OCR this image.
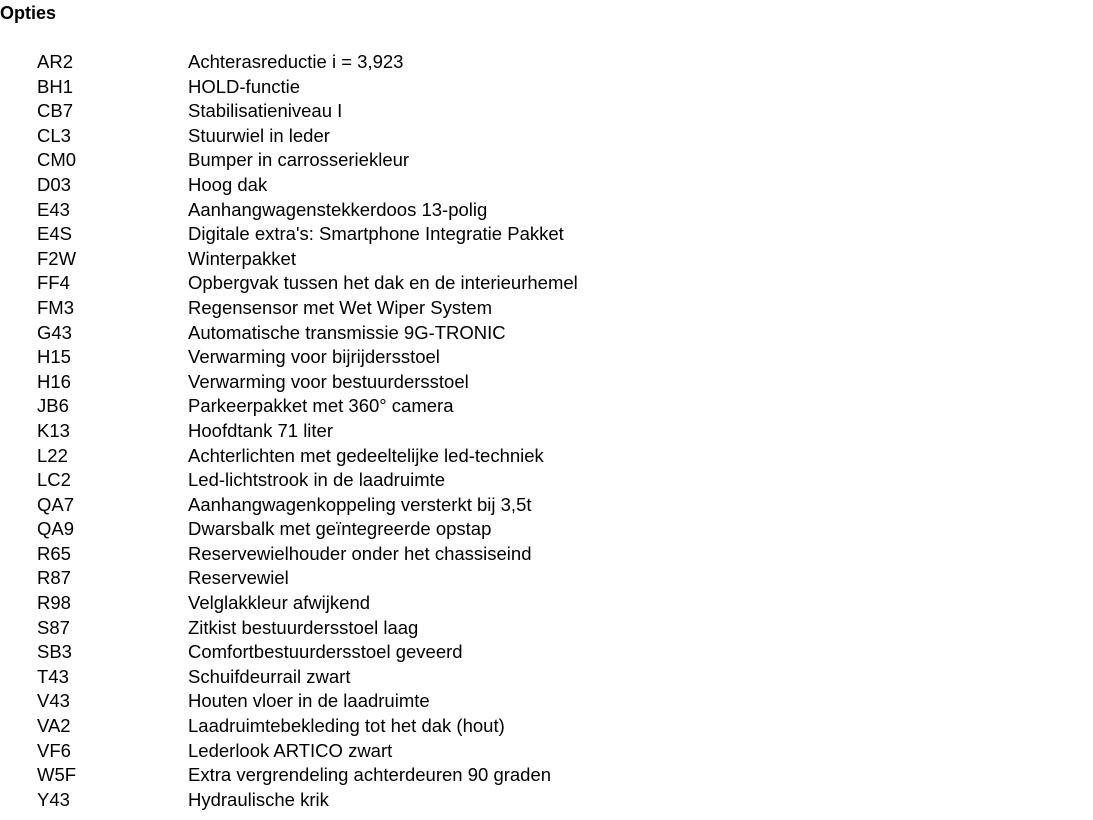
Opties
AR2	Achterasreductie i = 3,923
BH1	HOLD-functie
CB7	Stabilisatieniveau I
CL3	Stuurwiel in leder
CM0	Bumper in carrosseriekleur
D03	Hoog dak
E43	Aanhangwagenstekkerdoos 13-polig
E4S	Digitale extra's: Smartphone Integratie Pakket
F2W	Winterpakket
FF4	Opbergvak tussen het dak en de interieurhemel
FM3	Regensensor met Wet Wiper System
G43	Automatische transmissie 9G-TRONIC
H15	Verwarming voor bijrijdersstoel
H16	Verwarming voor bestuurdersstoel
JB6	Parkeerpakket met 360° camera
K13	Hoofdtank 71 liter
L22	Achterlichten met gedeeltelijke led-techniek
LC2	Led-lichtstrook in de laadruimte
QA7	Aanhangwagenkoppeling versterkt bij 3,5t
QA9	Dwarsbalk met geïntegreerde opstap
R65	Reservewielhouder onder het chassiseind
R87	Reservewiel
R98	Velglakkleur afwijkend
S87	Zitkist bestuurdersstoel laag
SB3	Comfortbestuurdersstoel geveerd
T43	Schuifdeurrail zwart
V43	Houten vloer in de laadruimte
VA2	Laadruimtebekleding tot het dak (hout)
VF6	Lederlook ARTICO zwart
W5F	Extra vergrendeling achterdeuren 90 graden
Y43	Hydraulische krik
